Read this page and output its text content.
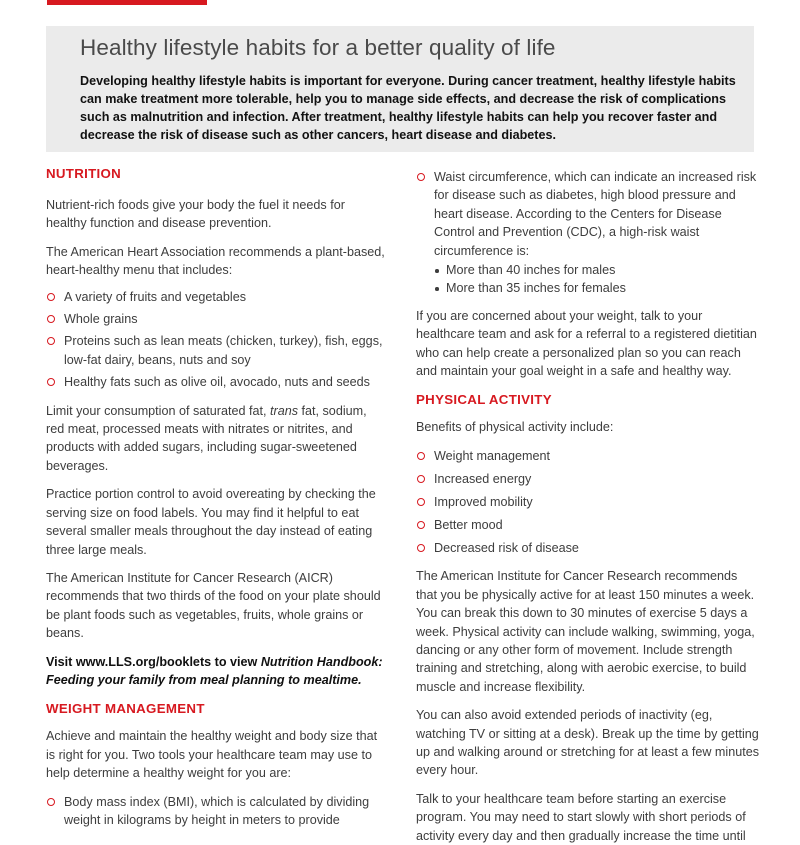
Healthy lifestyle habits for a better quality of life

Developing healthy lifestyle habits is important for everyone. During cancer treatment, healthy lifestyle habits can make treatment more tolerable, help you to manage side effects, and decrease the risk of complications such as malnutrition and infection. After treatment, healthy lifestyle habits can help you recover faster and decrease the risk of disease such as other cancers, heart disease and diabetes.

NUTRITION

Nutrient-rich foods give your body the fuel it needs for healthy function and disease prevention.

The American Heart Association recommends a plant-based, heart-healthy menu that includes:

A variety of fruits and vegetables
Whole grains
Proteins such as lean meats (chicken, turkey), fish, eggs, low-fat dairy, beans, nuts and soy
Healthy fats such as olive oil, avocado, nuts and seeds

Limit your consumption of saturated fat, trans fat, sodium, red meat, processed meats with nitrates or nitrites, and products with added sugars, including sugar-sweetened beverages.

Practice portion control to avoid overeating by checking the serving size on food labels. You may find it helpful to eat several smaller meals throughout the day instead of eating three large meals.

The American Institute for Cancer Research (AICR) recommends that two thirds of the food on your plate should be plant foods such as vegetables, fruits, whole grains or beans.

Visit www.LLS.org/booklets to view Nutrition Handbook: Feeding your family from meal planning to mealtime.

WEIGHT MANAGEMENT

Achieve and maintain the healthy weight and body size that is right for you. Two tools your healthcare team may use to help determine a healthy weight for you are:

Body mass index (BMI), which is calculated by dividing weight in kilograms by height in meters to provide
Waist circumference, which can indicate an increased risk for disease such as diabetes, high blood pressure and heart disease. According to the Centers for Disease Control and Prevention (CDC), a high-risk waist circumference is:
More than 40 inches for males
More than 35 inches for females

If you are concerned about your weight, talk to your healthcare team and ask for a referral to a registered dietitian who can help create a personalized plan so you can reach and maintain your goal weight in a safe and healthy way.

PHYSICAL ACTIVITY

Benefits of physical activity include:

Weight management
Increased energy
Improved mobility
Better mood
Decreased risk of disease

The American Institute for Cancer Research recommends that you be physically active for at least 150 minutes a week. You can break this down to 30 minutes of exercise 5 days a week. Physical activity can include walking, swimming, yoga, dancing or any other form of movement. Include strength training and stretching, along with aerobic exercise, to build muscle and increase flexibility.

You can also avoid extended periods of inactivity (eg, watching TV or sitting at a desk). Break up the time by getting up and walking around or stretching for at least a few minutes every hour.

Talk to your healthcare team before starting an exercise program. You may need to start slowly with short periods of activity every day and then gradually increase the time until
